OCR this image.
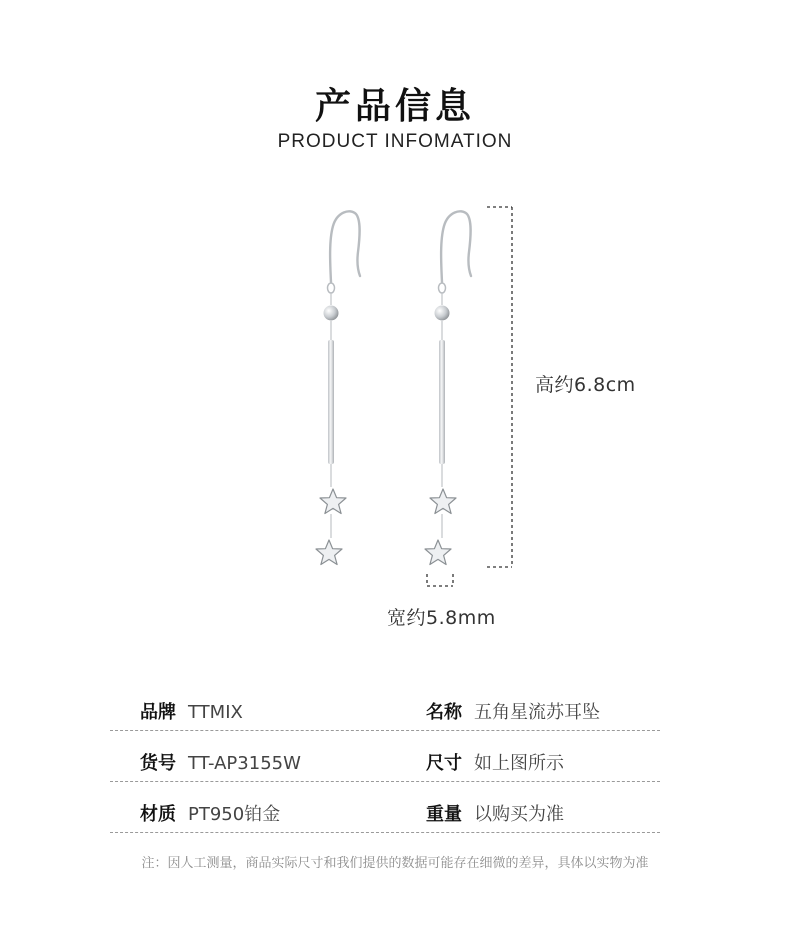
产品信息
PRODUCT INFOMATION
高约6.8cm
宽约5.8mm
品牌 TTMIX	名称 五角星流苏耳坠
货号 TT-AP3155W	尺寸 如上图所示
材质 PT950铂金	重量 以购买为准
注：因人工测量，商品实际尺寸和我们提供的数据可能存在细微的差异，具体以实物为准
